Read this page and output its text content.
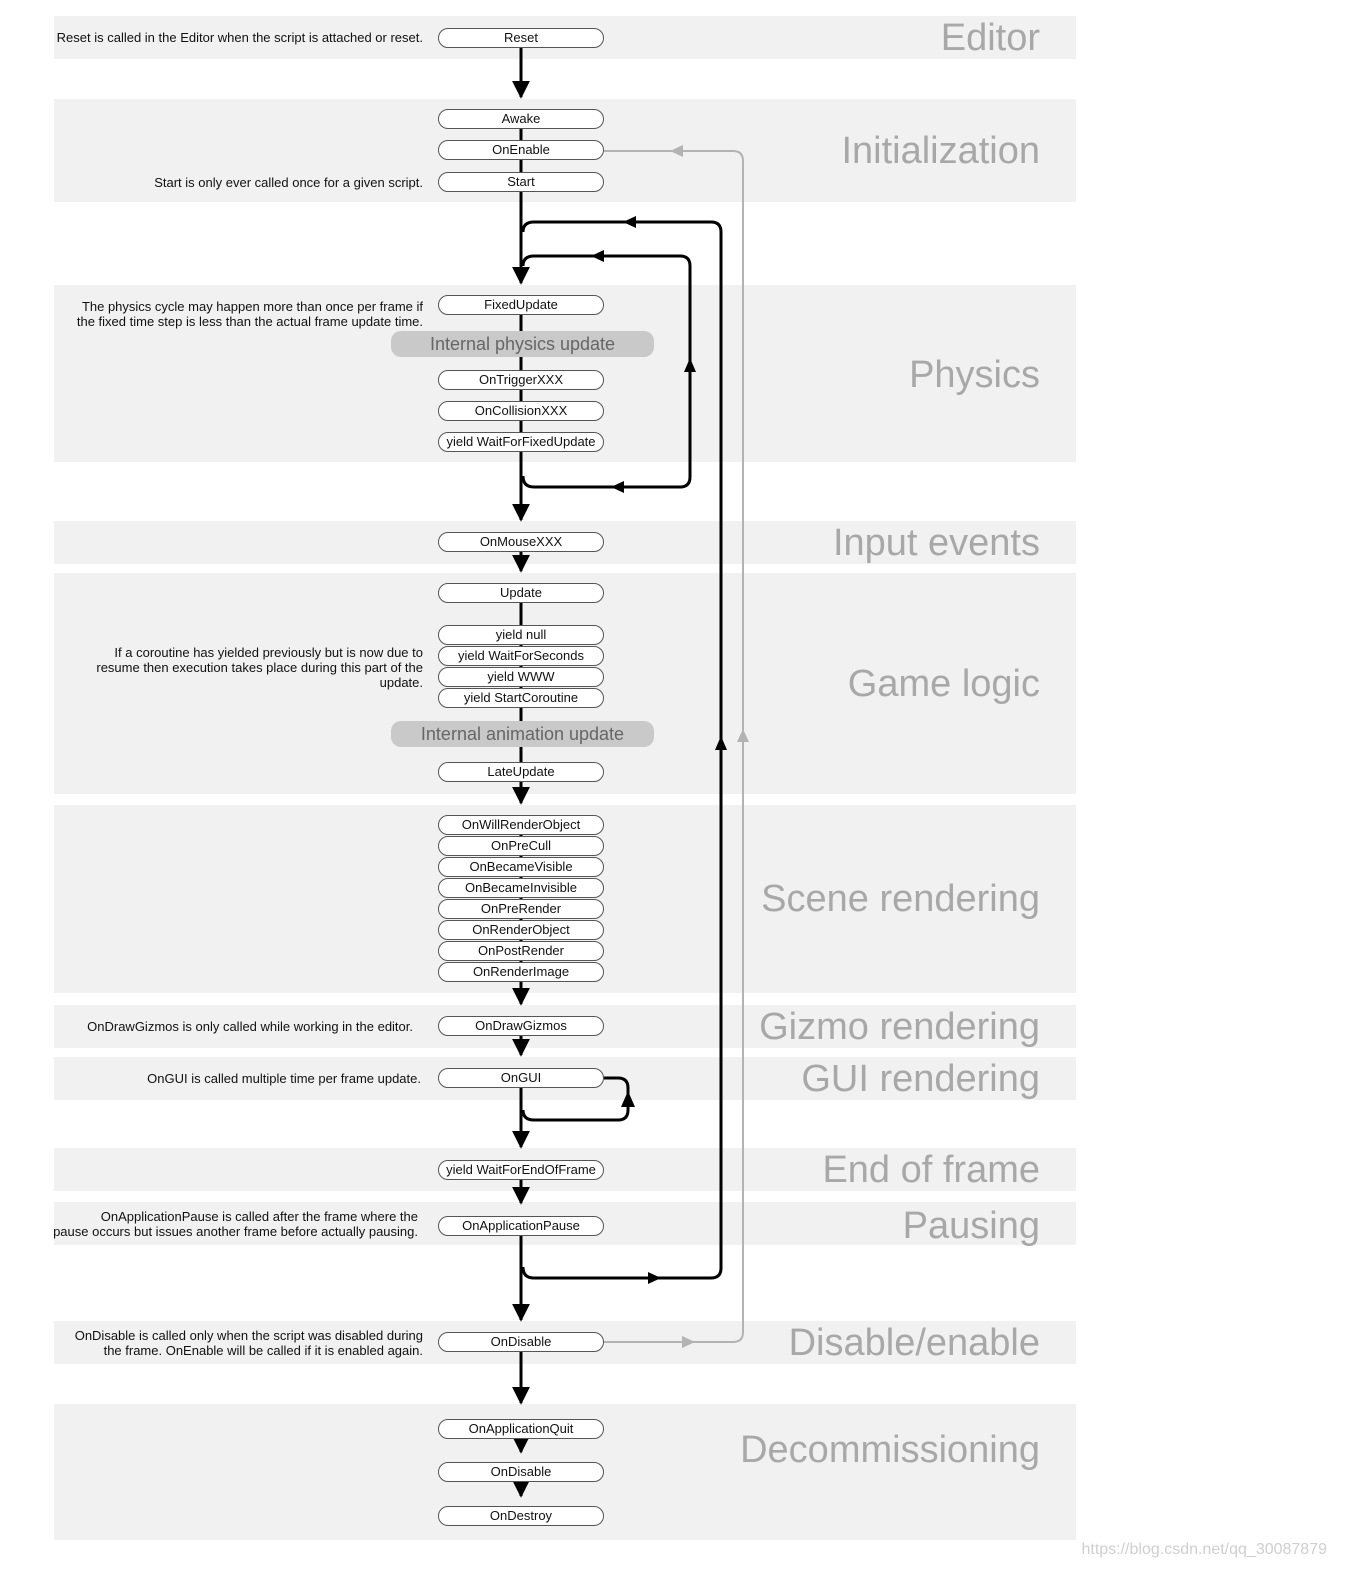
Editor
Initialization
Physics
Input events
Game logic
Scene rendering
Gizmo rendering
GUI rendering
End of frame
Pausing
Disable/enable
Decommissioning
Reset
Awake
OnEnable
Start
FixedUpdate
Internal physics update
OnTriggerXXX
OnCollisionXXX
yield WaitForFixedUpdate
OnMouseXXX
Update
yield null
yield WaitForSeconds
yield WWW
yield StartCoroutine
Internal animation update
LateUpdate
OnWillRenderObject
OnPreCull
OnBecameVisible
OnBecameInvisible
OnPreRender
OnRenderObject
OnPostRender
OnRenderImage
OnDrawGizmos
OnGUI
yield WaitForEndOfFrame
OnApplicationPause
OnDisable
OnApplicationQuit
OnDisable
OnDestroy
Reset is called in the Editor when the script is attached or reset.
Start is only ever called once for a given script.
The physics cycle may happen more than once per frame if
the fixed time step is less than the actual frame update time.
If a coroutine has yielded previously but is now due to
resume then execution takes place during this part of the
update.
OnDrawGizmos is only called while working in the editor.
OnGUI is called multiple time per frame update.
OnApplicationPause is called after the frame where the
pause occurs but issues another frame before actually pausing.
OnDisable is called only when the script was disabled during
the frame. OnEnable will be called if it is enabled again.
https://blog.csdn.net/qq_30087879
